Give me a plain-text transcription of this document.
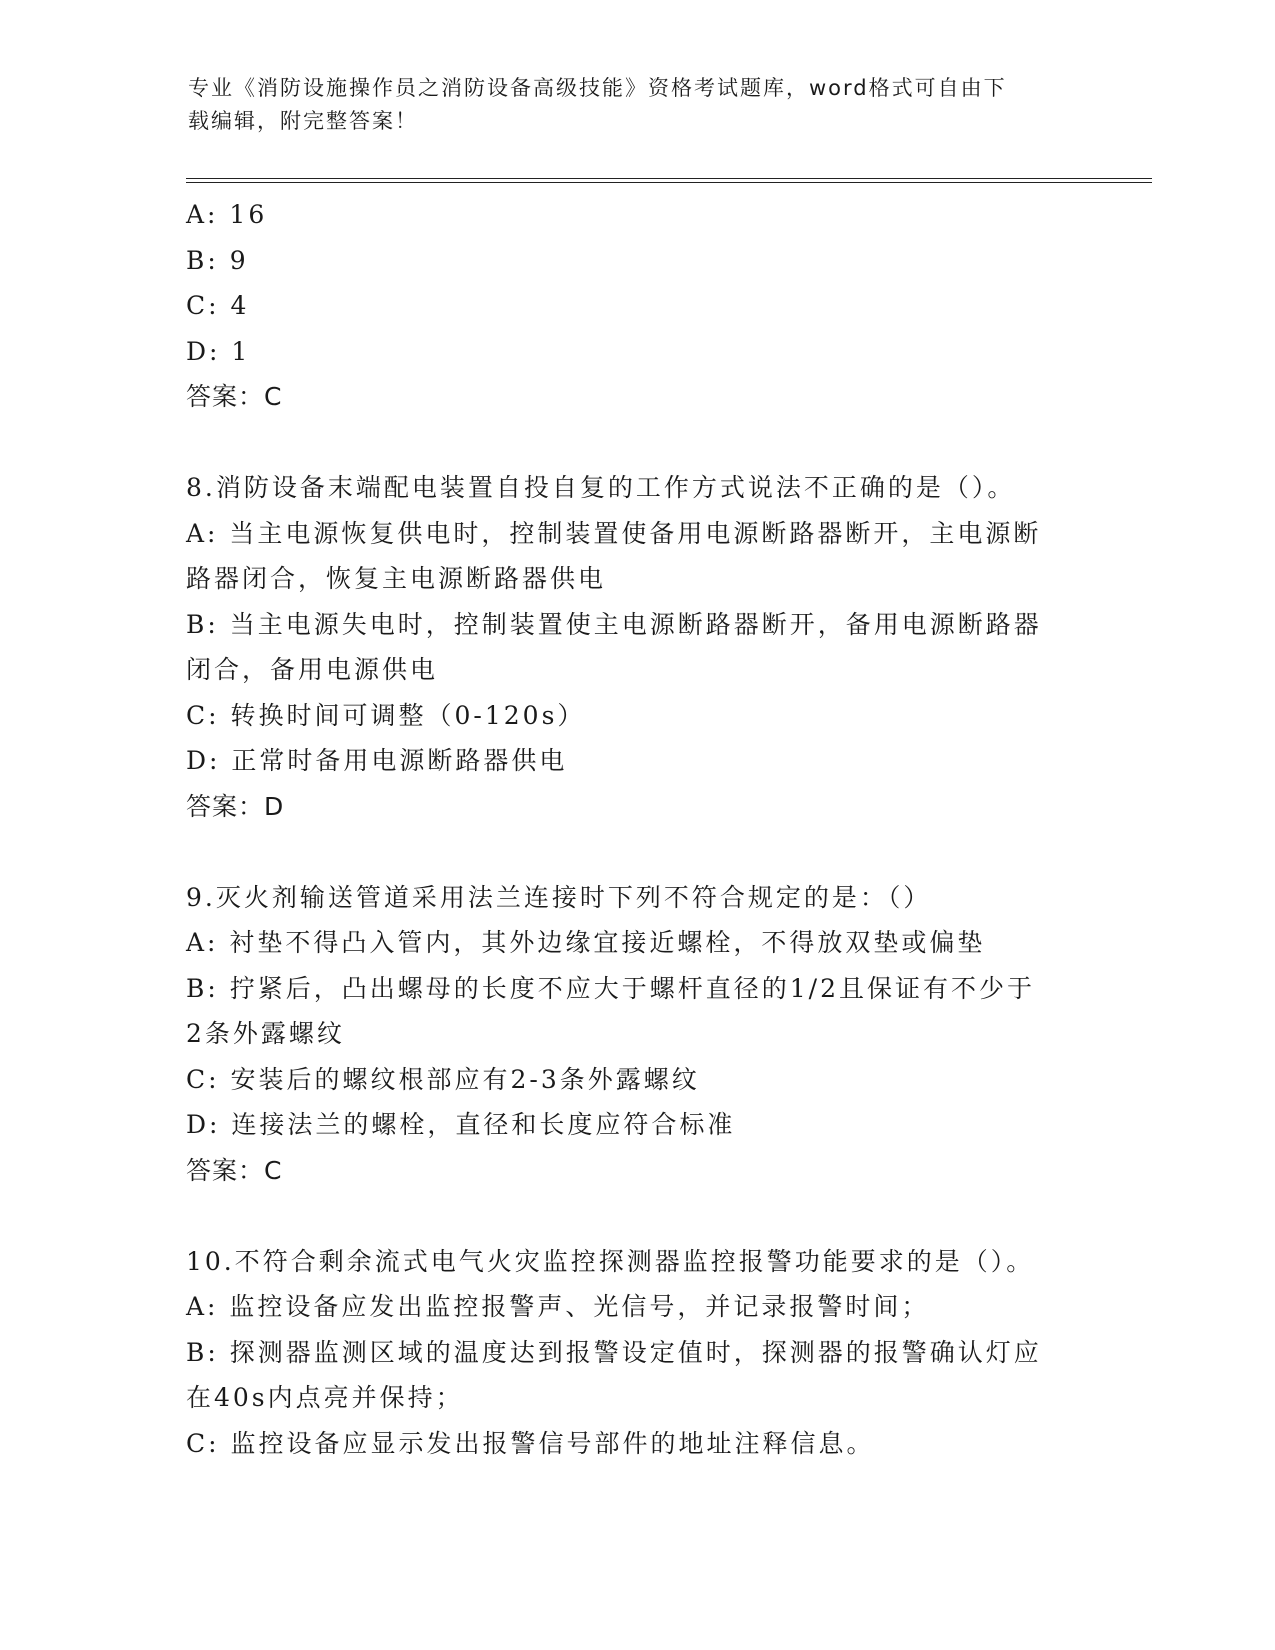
专业《消防设施操作员之消防设备高级技能》资格考试题库，word格式可自由下
载编辑，附完整答案！
A: 16
B: 9
C: 4
D: 1
答案：C
8.消防设备末端配电装置自投自复的工作方式说法不正确的是（）。
A: 当主电源恢复供电时，控制装置使备用电源断路器断开，主电源断
路器闭合，恢复主电源断路器供电
B: 当主电源失电时，控制装置使主电源断路器断开，备用电源断路器
闭合，备用电源供电
C: 转换时间可调整（0-120s）
D: 正常时备用电源断路器供电
答案：D
9.灭火剂输送管道采用法兰连接时下列不符合规定的是：（）
A: 衬垫不得凸入管内，其外边缘宜接近螺栓，不得放双垫或偏垫
B: 拧紧后，凸出螺母的长度不应大于螺杆直径的1/2且保证有不少于
2条外露螺纹
C: 安装后的螺纹根部应有2-3条外露螺纹
D: 连接法兰的螺栓，直径和长度应符合标准
答案：C
10.不符合剩余流式电气火灾监控探测器监控报警功能要求的是（）。
A: 监控设备应发出监控报警声、光信号，并记录报警时间；
B: 探测器监测区域的温度达到报警设定值时，探测器的报警确认灯应
在40s内点亮并保持；
C: 监控设备应显示发出报警信号部件的地址注释信息。
